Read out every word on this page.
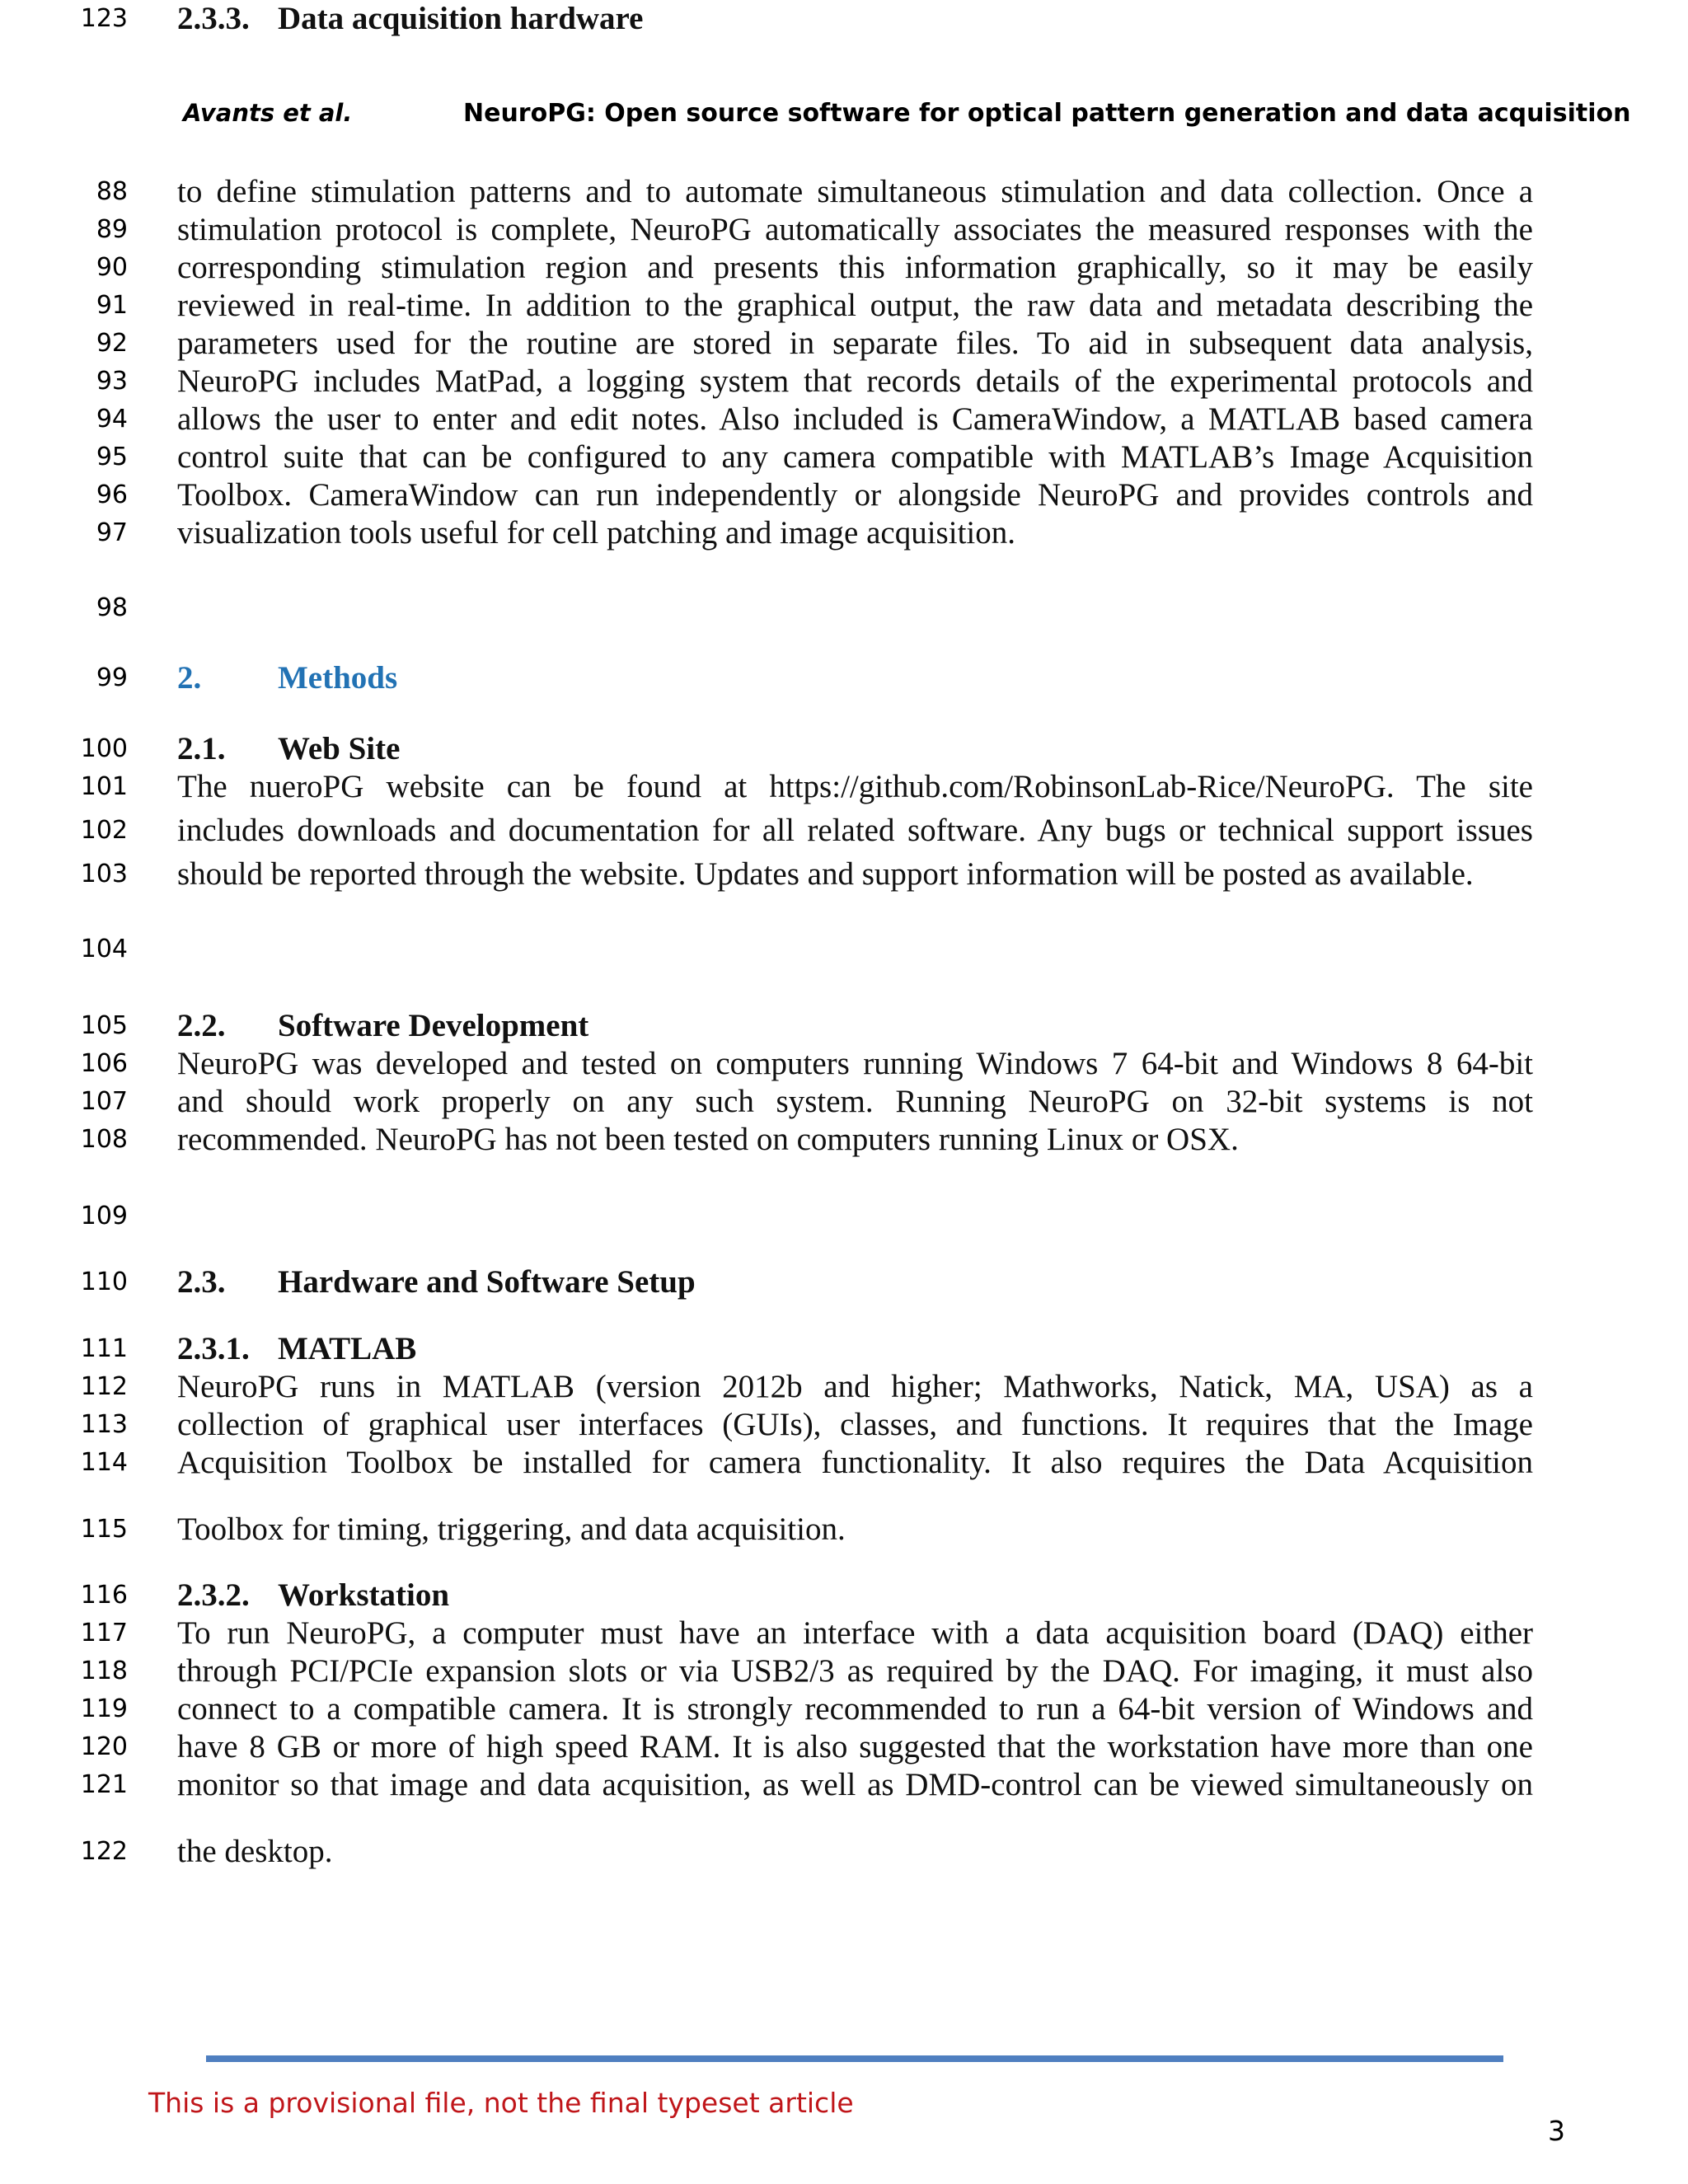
Avants et al.	NeuroPG: Open source software for optical pattern generation and data acquisition
88 to define stimulation patterns and to automate simultaneous stimulation and data collection. Once a
89 stimulation protocol is complete, NeuroPG automatically associates the measured responses with the
90 corresponding stimulation region and presents this information graphically, so it may be easily
91 reviewed in real-time. In addition to the graphical output, the raw data and metadata describing the
92 parameters used for the routine are stored in separate files. To aid in subsequent data analysis,
93 NeuroPG includes MatPad, a logging system that records details of the experimental protocols and
94 allows the user to enter and edit notes. Also included is CameraWindow, a MATLAB based camera
95 control suite that can be configured to any camera compatible with MATLAB’s Image Acquisition
96 Toolbox. CameraWindow can run independently or alongside NeuroPG and provides controls and
97 visualization tools useful for cell patching and image acquisition.
98
99 2. Methods
100 2.1. Web Site
101 The nueroPG website can be found at https://github.com/RobinsonLab-Rice/NeuroPG. The site
102 includes downloads and documentation for all related software. Any bugs or technical support issues
103 should be reported through the website. Updates and support information will be posted as available.
104
105 2.2. Software Development
106 NeuroPG was developed and tested on computers running Windows 7 64-bit and Windows 8 64-bit
107 and should work properly on any such system. Running NeuroPG on 32-bit systems is not
108 recommended. NeuroPG has not been tested on computers running Linux or OSX.
109
110 2.3. Hardware and Software Setup
111 2.3.1. MATLAB
112 NeuroPG runs in MATLAB (version 2012b and higher; Mathworks, Natick, MA, USA) as a
113 collection of graphical user interfaces (GUIs), classes, and functions. It requires that the Image
114 Acquisition Toolbox be installed for camera functionality. It also requires the Data Acquisition
115 Toolbox for timing, triggering, and data acquisition.
116 2.3.2. Workstation
117 To run NeuroPG, a computer must have an interface with a data acquisition board (DAQ) either
118 through PCI/PCIe expansion slots or via USB2/3 as required by the DAQ. For imaging, it must also
119 connect to a compatible camera. It is strongly recommended to run a 64-bit version of Windows and
120 have 8 GB or more of high speed RAM. It is also suggested that the workstation have more than one
121 monitor so that image and data acquisition, as well as DMD-control can be viewed simultaneously on
122 the desktop.
123 2.3.3. Data acquisition hardware
This is a provisional file, not the final typeset article
3
